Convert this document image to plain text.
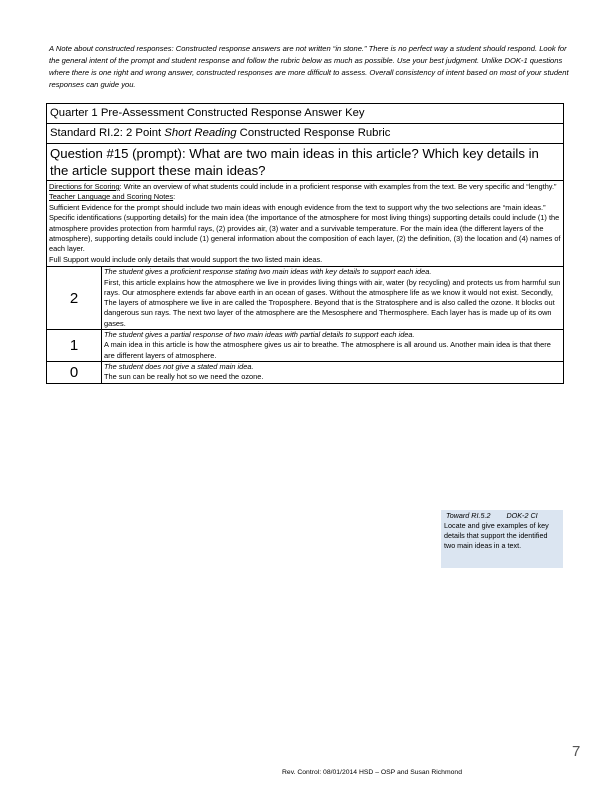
A Note about constructed responses: Constructed response answers are not written “in stone.” There is no perfect way a student should respond. Look for the general intent of the prompt and student response and follow the rubric below as much as possible. Use your best judgment. Unlike DOK-1 questions where there is one right and wrong answer, constructed responses are more difficult to assess. Overall consistency of intent based on most of your student responses can guide you.
Quarter 1 Pre-Assessment Constructed Response Answer Key	
Standard RI.2: 2 Point Short Reading Constructed Response Rubric	
Question #15 (prompt): What are two main ideas in this article? Which key details in the article support these main ideas?	

Directions for Scoring: Write an overview of what students could include in a proficient response with examples from the text. Be very specific and “lengthy.” Teacher Language and Scoring Notes:
Sufficient Evidence for the prompt should include two main ideas with enough evidence from the text to support why the two selections are “main ideas.”
Specific identifications (supporting details) for the main idea (the importance of the atmosphere for most living things) supporting details could include (1) the atmosphere provides protection from harmful rays, (2) provides air, (3) water and a survivable temperature. For the main idea (the different layers of the atmosphere), supporting details could include (1) general information about the composition of each layer, (2) the definition, (3) the location and (4) names of each layer.
Full Support would include only details that would support the two listed main ideas.	

2	The student gives a proficient response stating two main ideas with key details to support each idea.
First, this article explains how the atmosphere we live in provides living things with air, water (by recycling) and protects us from harmful sun rays. Our atmosphere extends far above earth in an ocean of gases. Without the atmosphere life as we know it would not exist. Secondly, The layers of atmosphere we live in are called the Troposphere. Beyond that is the Stratosphere and is also called the ozone. It blocks out dangerous sun rays. The next two layer of the atmosphere are the Mesosphere and Thermosphere. Each layer has is made up of its own gases.

1	The student gives a partial response of two main ideas with partial details to support each idea.
A main idea in this article is how the atmosphere gives us air to breathe. The atmosphere is all around us. Another main idea is that there are different layers of atmosphere.

0	The student does not give a stated main idea.
The sun can be really hot so we need the ozone.
Toward RI.5.2 DOK-2 CI
Locate and give examples of key details that support the identified two main ideas in a text.
7
Rev. Control: 08/01/2014 HSD – OSP and Susan Richmond
